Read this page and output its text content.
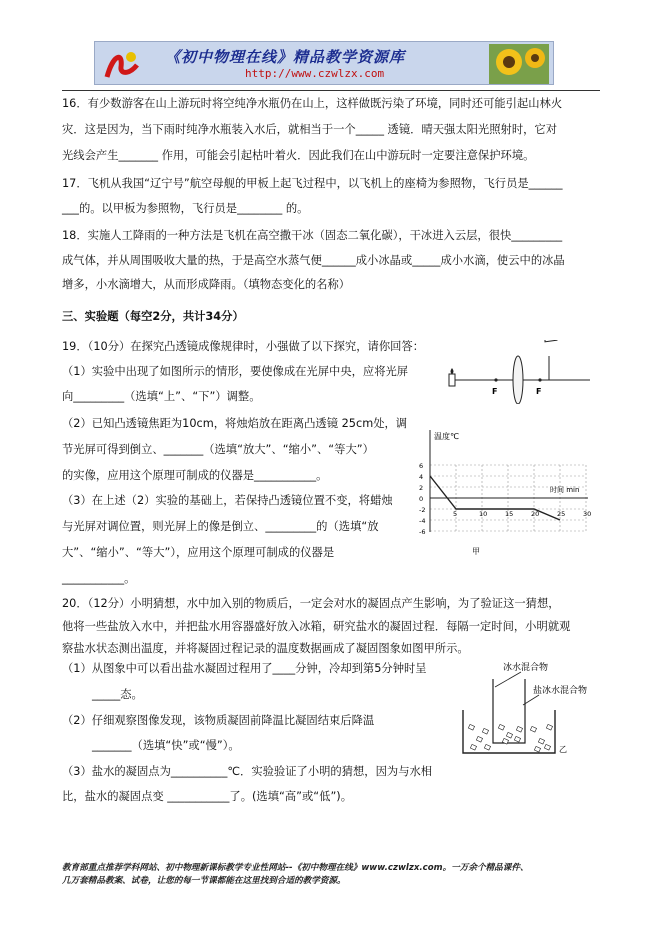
《初中物理在线》精品教学资源库
http://www.czwlzx.com
16．有少数游客在山上游玩时将空纯净水瓶仍在山上，这样做既污染了环境，同时还可能引起山林火
灾．这是因为，当下雨时纯净水瓶装入水后，就相当于一个_____ 透镜．晴天强太阳光照射时，它对
光线会产生_______ 作用，可能会引起枯叶着火．因此我们在山中游玩时一定要注意保护环境。
17．飞机从我国“辽宁号”航空母舰的甲板上起飞过程中，以飞机上的座椅为参照物，飞行员是______
___的。以甲板为参照物，飞行员是________ 的。
18．实施人工降雨的一种方法是飞机在高空撒干冰（固态二氧化碳），干冰进入云层，很快_________
成气体，并从周围吸收大量的热，于是高空水蒸气便______成小冰晶或_____成小水滴，使云中的冰晶
增多，小水滴增大，从而形成降雨。（填物态变化的名称）
三、实验题（每空2分，共计34分）
19．（10分）在探究凸透镜成像规律时，小强做了以下探究，请你回答：
（1）实验中出现了如图所示的情形，要使像成在光屏中央，应将光屏
向_________（选填“上”、“下”）调整。
（2）已知凸透镜焦距为10cm，将烛焰放在距离凸透镜 25cm处，调
节光屏可得到倒立、_______（选填“放大”、“缩小”、“等大”）
的实像，应用这个原理可制成的仪器是___________。
（3）在上述（2）实验的基础上，若保持凸透镜位置不变，将蜡烛
与光屏对调位置，则光屏上的像是倒立、_________的（选填“放
大”、“缩小”、“等大”），应用这个原理可制成的仪器是
___________。
20．（12分）小明猜想，水中加入别的物质后，一定会对水的凝固点产生影响，为了验证这一猜想，
他将一些盐放入水中，并把盐水用容器盛好放入冰箱，研究盐水的凝固过程．每隔一定时间，小明就观
察盐水状态测出温度，并将凝固过程记录的温度数据画成了凝固图象如图甲所示。
（1）从图象中可以看出盐水凝固过程用了____分钟，冷却到第5分钟时呈
_____态。
（2）仔细观察图像发现，该物质凝固前降温比凝固结束后降温
_______（选填“快”或“慢”）。
（3）盐水的凝固点为__________℃．实验验证了小明的猜想，因为与水相
比，盐水的凝固点变 ___________了。(选填“高”或“低”)。
F	F
温度℃
时间 min
6
4
2
0
-2
-4
-6
5	10	15	20	25	30
甲
冰水混合物
盐冰水混合物
乙
教育部重点推荐学科网站、初中物理新课标教学专业性网站--《初中物理在线》www.czwlzx.com。一万余个精品课件、
几万套精品教案、试卷，让您的每一节课都能在这里找到合适的教学资源。
